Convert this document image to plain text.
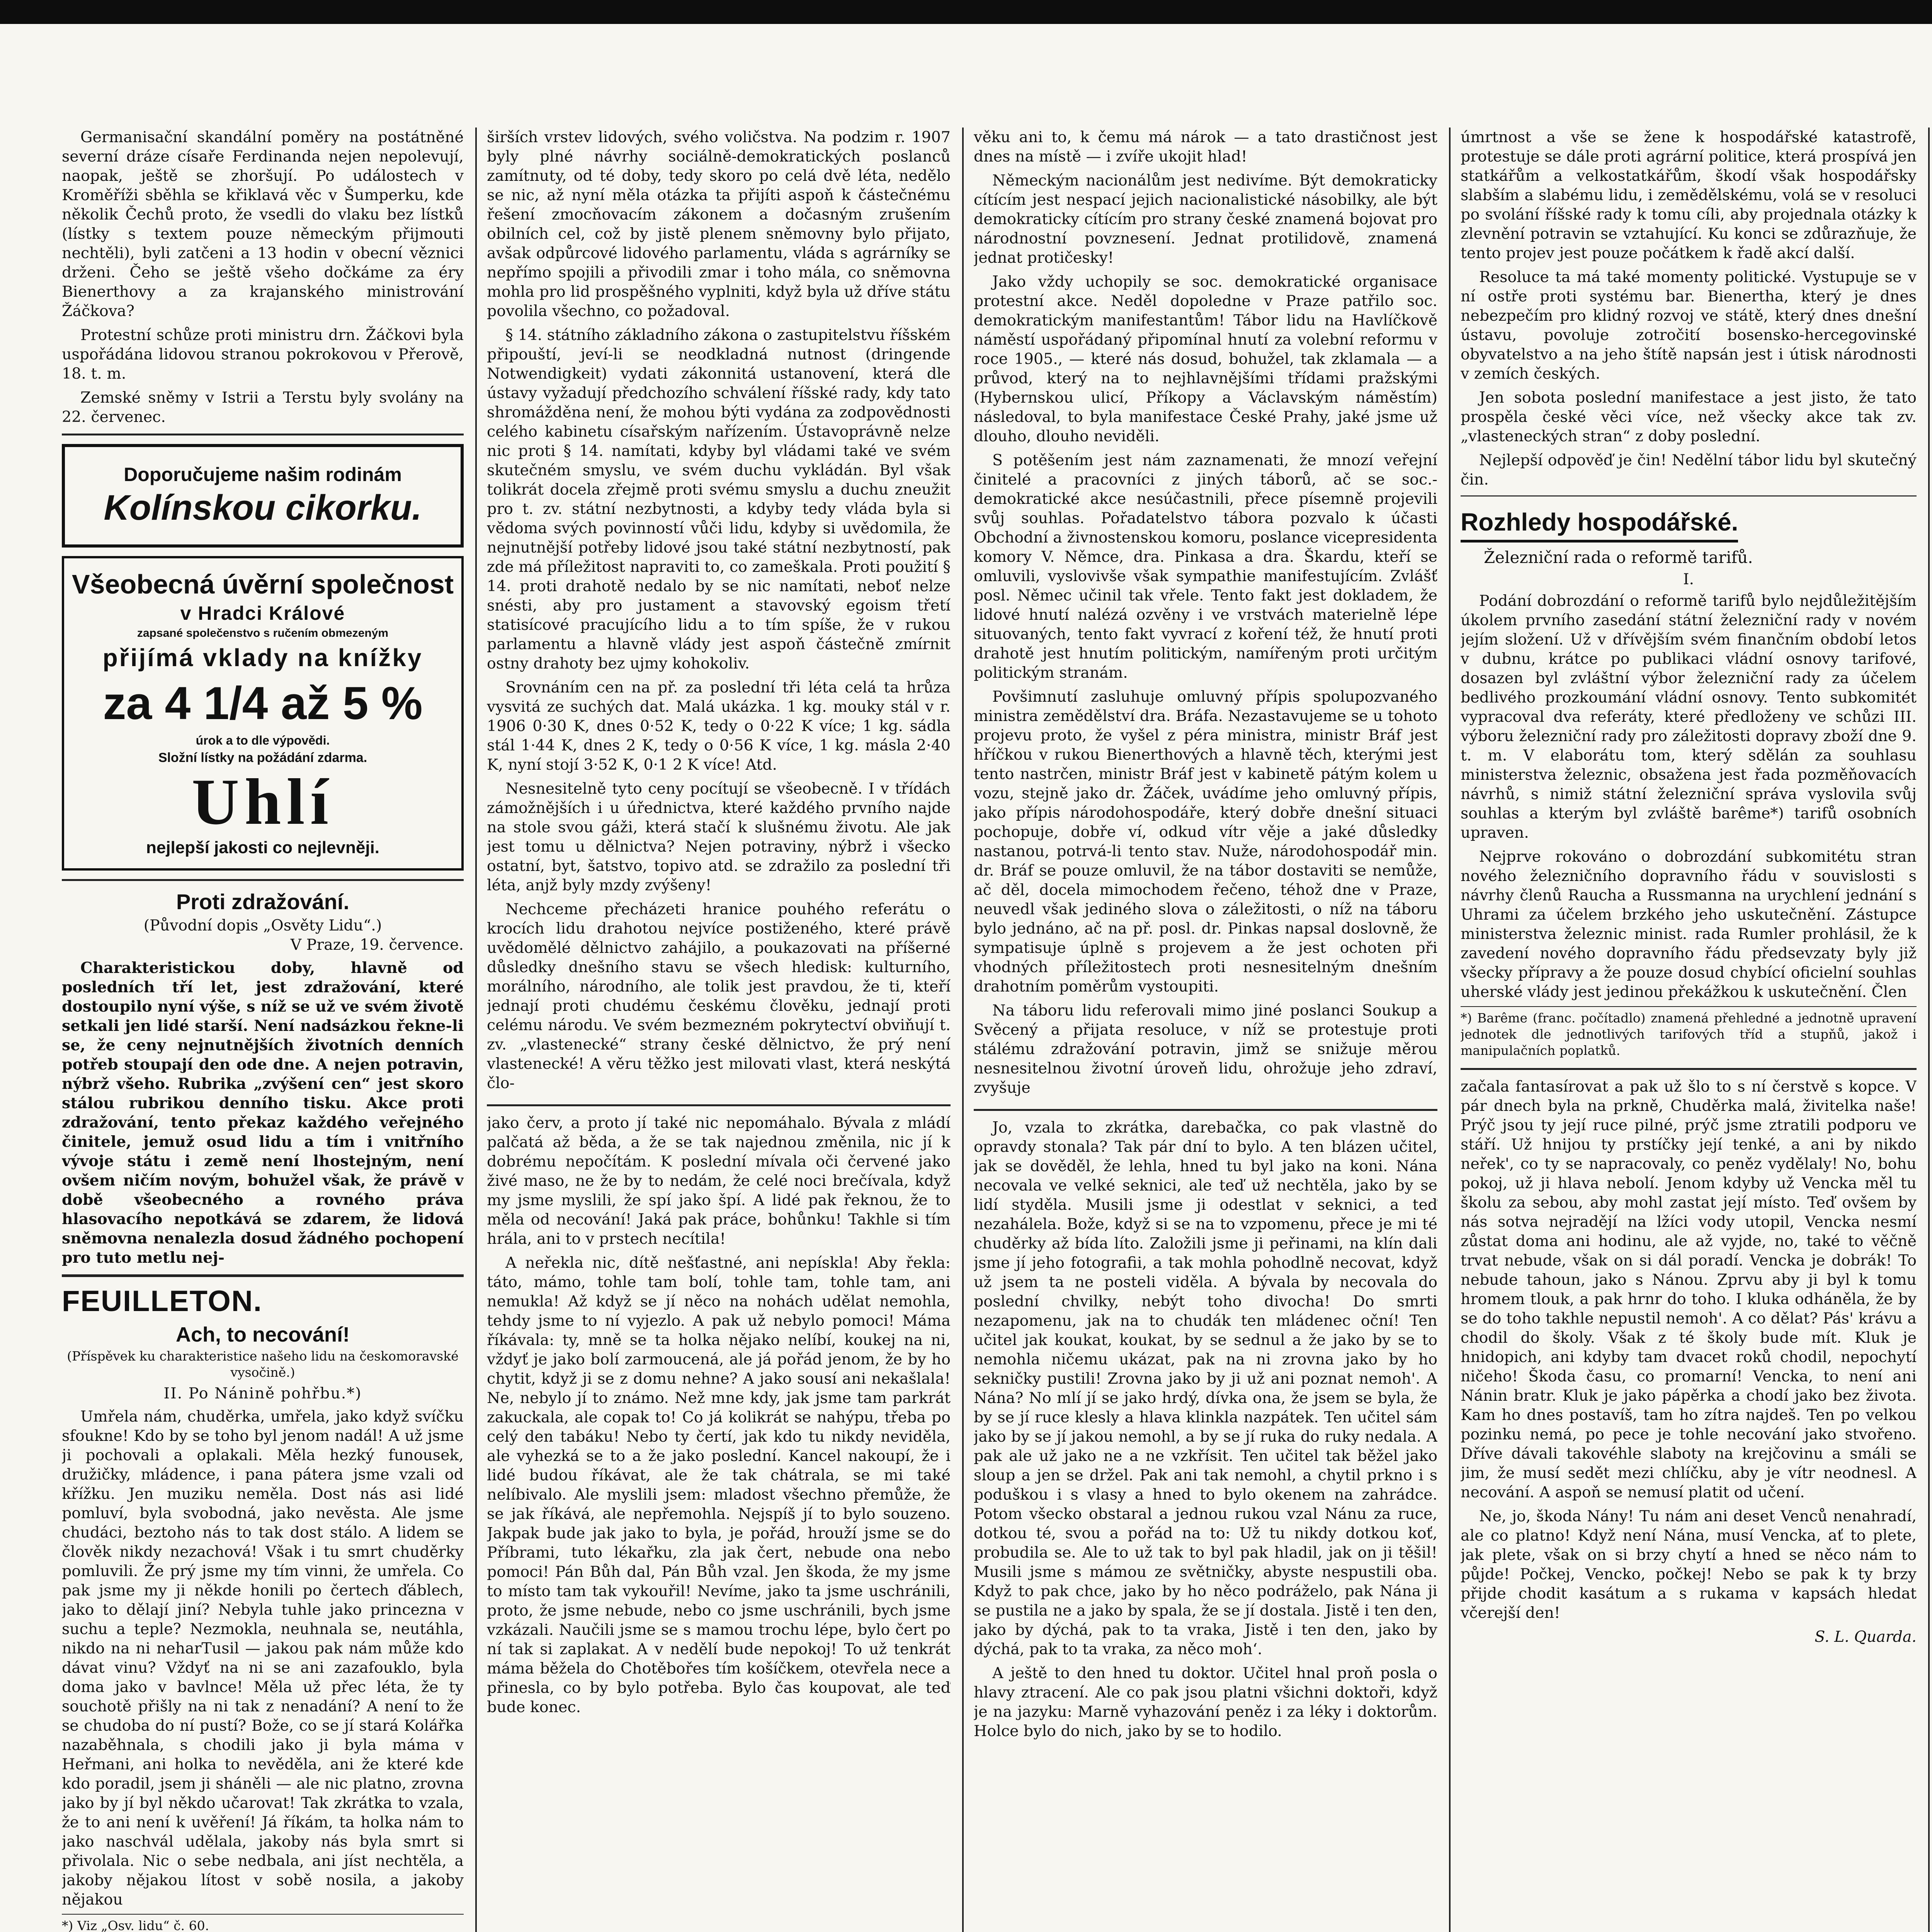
Germanisační skandální poměry na postátněné severní dráze císaře Ferdinanda nejen nepolevují, naopak, ještě se zhoršují. Po událostech v Kroměříži sběhla se křiklavá věc v Šumperku, kde několik Čechů proto, že vsedli do vlaku bez lístků (lístky s textem pouze německým přijmouti nechtěli), byli zatčeni a 13 hodin v obecní věznici drženi. Čeho se ještě všeho dočkáme za éry Bienerthovy a za krajanského ministrování Žáčkova?

Protestní schůze proti ministru drn. Žáčkovi byla uspořádána lidovou stranou pokrokovou v Přerově, 18. t. m.

Zemské sněmy v Istrii a Terstu byly svolány na 22. červenec.

Doporučujeme našim rodinám
Kolínskou cikorku.
Všeobecná úvěrní společnost
v Hradci Králové
zapsané společenstvo s ručením obmezeným
přijímá vklady na knížky
za 4 1/4 až 5 %
úrok a to dle výpovědi.
Složní lístky na požádání zdarma.
Uhlí
nejlepší jakosti co nejlevněji.
Proti zdražování.
(Původní dopis „Osvěty Lidu“.)
V Praze, 19. července.

Charakteristickou doby, hlavně od posledních tří let, jest zdražování, které dostoupilo nyní výše, s níž se už ve svém životě setkali jen lidé starší. Není nadsázkou řekne-li se, že ceny nejnutnějších životních denních potřeb stoupají den ode dne. A nejen potravin, nýbrž všeho. Rubrika „zvýšení cen“ jest skoro stálou rubrikou denního tisku. Akce proti zdražování, tento překaz každého veřejného činitele, jemuž osud lidu a tím i vnitřního vývoje státu i země není lhostejným, není ovšem ničím novým, bohužel však, že právě v době všeobecného a rovného práva hlasovacího nepotkává se zdarem, že lidová sněmovna nenalezla dosud žádného pochopení pro tuto metlu nej-

FEUILLETON.
Ach, to necování!
(Příspěvek ku charakteristice našeho lidu na českomoravské vysočině.)
II. Po Nánině pohřbu.*)

Umřela nám, chuděrka, umřela, jako když svíčku sfoukne! Kdo by se toho byl jenom nadál! A už jsme ji pochovali a oplakali. Měla hezký funousek, družičky, mládence, i pana pátera jsme vzali od křížku. Jen muziku neměla. Dost nás asi lidé pomluví, byla svobodná, jako nevěsta. Ale jsme chudáci, beztoho nás to tak dost stálo. A lidem se člověk nikdy nezachová! Však i tu smrt chuděrky pomluvili. Že prý jsme my tím vinni, že umřela. Co pak jsme my ji někde honili po čertech ďáblech, jako to dělají jiní? Nebyla tuhle jako princezna v suchu a teple? Nezmokla, neuhnala se, neutáhla, nikdo na ni neharTusil — jakou pak nám může kdo dávat vinu? Vždyť na ni se ani zazafouklo, byla doma jako v bavlnce! Měla už přec léta, že ty souchotě přišly na ni tak z nenadání? A není to že se chudoba do ní pustí? Bože, co se jí stará Kolářka nazaběhnala, s chodili jako ji byla máma v Heřmani, ani holka to nevěděla, ani že které kde kdo poradil, jsem ji sháněli — ale nic platno, zrovna jako by jí byl někdo učarovat! Tak zkrátka to vzala, že to ani není k uvěření! Já říkám, ta holka nám to jako naschvál udělala, jakoby nás byla smrt si přivolala. Nic o sebe nedbala, ani jíst nechtěla, a jakoby nějakou lítost v sobě nosila, a jakoby nějakou

*) Viz „Osv. lidu“ č. 60.

širších vrstev lidových, svého voličstva. Na podzim r. 1907 byly plné návrhy sociálně-demokratických poslanců zamítnuty, od té doby, tedy skoro po celá dvě léta, nedělo se nic, až nyní měla otázka ta přijíti aspoň k částečnému řešení zmocňovacím zákonem a dočasným zrušením obilních cel, což by jistě plenem sněmovny bylo přijato, avšak odpůrcové lidového parlamentu, vláda s agrárníky se nepřímo spojili a přivodili zmar i toho mála, co sněmovna mohla pro lid prospěšného vyplniti, když byla už dříve státu povolila všechno, co požadoval.

§ 14. státního základního zákona o zastupitelstvu říšském připouští, jeví-li se neodkladná nutnost (dringende Notwendigkeit) vydati zákonnitá ustanovení, která dle ústavy vyžadují předchozího schválení říšské rady, kdy tato shromážděna není, že mohou býti vydána za zodpovědnosti celého kabinetu císařským nařízením. Ústavoprávně nelze nic proti § 14. namítati, kdyby byl vládami také ve svém skutečném smyslu, ve svém duchu vykládán. Byl však tolikrát docela zřejmě proti svému smyslu a duchu zneužit pro t. zv. státní nezbytnosti, a kdyby tedy vláda byla si vědoma svých povinností vůči lidu, kdyby si uvědomila, že nejnutnější potřeby lidové jsou také státní nezbytností, pak zde má příležitost napraviti to, co zameškala. Proti použití § 14. proti drahotě nedalo by se nic namítati, neboť nelze snésti, aby pro justament a stavovský egoism třetí statisícové pracujícího lidu a to tím spíše, že v rukou parlamentu a hlavně vlády jest aspoň částečně zmírnit ostny drahoty bez ujmy kohokoliv.

Srovnáním cen na př. za poslední tři léta celá ta hrůza vysvitá ze suchých dat. Malá ukázka. 1 kg. mouky stál v r. 1906 0·30 K, dnes 0·52 K, tedy o 0·22 K více; 1 kg. sádla stál 1·44 K, dnes 2 K, tedy o 0·56 K více, 1 kg. másla 2·40 K, nyní stojí 3·52 K, 0·1 2 K více! Atd.

Nesnesitelně tyto ceny pocítují se všeobecně. I v třídách zámožnějších i u úřednictva, které každého prvního najde na stole svou gáži, která stačí k slušnému životu. Ale jak jest tomu u dělnictva? Nejen potraviny, nýbrž i všecko ostatní, byt, šatstvo, topivo atd. se zdražilo za poslední tři léta, anjž byly mzdy zvýšeny!

Nechceme přecházeti hranice pouhého referátu o krocích lidu drahotou nejvíce postiženého, které právě uvědomělé dělnictvo zahájilo, a poukazovati na příšerné důsledky dnešního stavu se všech hledisk: kulturního, morálního, národního, ale tolik jest pravdou, že ti, kteří jednají proti chudému českému člověku, jednají proti celému národu. Ve svém bezmezném pokrytectví obviňují t. zv. „vlastenecké“ strany české dělnictvo, že prý není vlastenecké! A věru těžko jest milovati vlast, která neskýtá člo-

jako červ, a proto jí také nic nepomáhalo. Bývala z mládí palčatá až běda, a že se tak najednou změnila, nic jí k dobrému nepočítám. K poslední mívala oči červené jako živé maso, ne že by to nedám, že celé noci brečívala, když my jsme myslili, že spí jako špí. A lidé pak řeknou, že to měla od necování! Jaká pak práce, bohůnku! Takhle si tím hrála, ani to v prstech necítila!

A neřekla nic, dítě nešťastné, ani nepískla! Aby řekla: táto, mámo, tohle tam bolí, tohle tam, tohle tam, ani nemukla! Až když se jí něco na nohách udělat nemohla, tehdy jsme to ní vyjezlo. A pak už nebylo pomoci! Máma říkávala: ty, mně se ta holka nějako nelíbí, koukej na ni, vždyť je jako bolí zarmoucená, ale já pořád jenom, že by ho chytit, když ji se z domu nehne? A jako sousí ani nekašlala! Ne, nebylo jí to známo. Než mne kdy, jak jsme tam parkrát zakuckala, ale copak to! Co já kolikrát se nahýpu, třeba po celý den tabáku! Nebo ty čertí, jak kdo tu nikdy neviděla, ale vyhezká se to a že jako poslední. Kancel nakoupí, že i lidé budou říkávat, ale že tak chátrala, se mi také nelíbivalo. Ale myslili jsem: mladost všechno přemůže, že se jak říkává, ale nepřemohla. Nejspíš jí to bylo souzeno. Jakpak bude jak jako to byla, je pořád, hrouží jsme se do Příbrami, tuto lékařku, zla jak čert, nebude ona nebo pomoci! Pán Bůh dal, Pán Bůh vzal. Jen škoda, že my jsme to místo tam tak vykouřil! Nevíme, jako ta jsme uschránili, proto, že jsme nebude, nebo co jsme uschránili, bych jsme vzkázali. Naučili jsme se s mamou trochu lépe, bylo čert po ní tak si zaplakat. A v nedělí bude nepokoj! To už tenkrát máma běžela do Chotěbořes tím košíčkem, otevřela nece a přinesla, co by bylo potřeba. Bylo čas koupovat, ale teď bude konec.

věku ani to, k čemu má nárok — a tato drastičnost jest dnes na místě — i zvíře ukojit hlad!

Německým nacionálům jest nedivíme. Být demokraticky cítícím jest nespací jejich nacionalistické násobilky, ale být demokraticky cítícím pro strany české znamená bojovat pro národnostní povznesení. Jednat protilidově, znamená jednat protičesky!

Jako vždy uchopily se soc. demokratické organisace protestní akce. Neděl dopoledne v Praze patřilo soc. demokratickým manifestantům! Tábor lidu na Havlíčkově náměstí uspořádaný připomínal hnutí za volební reformu v roce 1905., — které nás dosud, bohužel, tak zklamala — a průvod, který na to nejhlavnějšími třídami pražskými (Hybernskou ulicí, Příkopy a Václavským náměstím) následoval, to byla manifestace České Prahy, jaké jsme už dlouho, dlouho neviděli.

S potěšením jest nám zaznamenati, že mnozí veřejní činitelé a pracovníci z jiných táborů, ač se soc.-demokratické akce nesúčastnili, přece písemně projevili svůj souhlas. Pořadatelstvo tábora pozvalo k účasti Obchodní a živnostenskou komoru, poslance vicepresidenta komory V. Němce, dra. Pinkasa a dra. Škardu, kteří se omluvili, vyslovivše však sympathie manifestujícím. Zvlášť posl. Němec učinil tak vřele. Tento fakt jest dokladem, že lidové hnutí nalézá ozvěny i ve vrstvách materielně lépe situovaných, tento fakt vyvrací z koření též, že hnutí proti drahotě jest hnutím politickým, namířeným proti určitým politickým stranám.

Povšimnutí zasluhuje omluvný přípis spolupozvaného ministra zemědělství dra. Bráfa. Nezastavujeme se u tohoto projevu proto, že vyšel z péra ministra, ministr Bráf jest hříčkou v rukou Bienerthových a hlavně těch, kterými jest tento nastrčen, ministr Bráf jest v kabinetě pátým kolem u vozu, stejně jako dr. Žáček, uvádíme jeho omluvný přípis, jako přípis národohospodáře, který dobře dnešní situaci pochopuje, dobře ví, odkud vítr věje a jaké důsledky nastanou, potrvá-li tento stav. Nuže, národohospodář min. dr. Bráf se pouze omluvil, že na tábor dostaviti se nemůže, ač děl, docela mimochodem řečeno, téhož dne v Praze, neuvedl však jediného slova o záležitosti, o níž na táboru bylo jednáno, ač na př. posl. dr. Pinkas napsal doslovně, že sympatisuje úplně s projevem a že jest ochoten při vhodných příležitostech proti nesnesitelným dnešním drahotním poměrům vystoupiti.

Na táboru lidu referovali mimo jiné poslanci Soukup a Svěcený a přijata resoluce, v níž se protestuje proti stálému zdražování potravin, jimž se snižuje měrou nesnesitelnou životní úroveň lidu, ohrožuje jeho zdraví, zvyšuje

Jo, vzala to zkrátka, darebačka, co pak vlastně do opravdy stonala? Tak pár dní to bylo. A ten blázen učitel, jak se dověděl, že lehla, hned tu byl jako na koni. Nána necovala ve velké seknici, ale teď už nechtěla, jako by se lidí styděla. Musili jsme ji odestlat v seknici, a teď nezahálela. Bože, když si se na to vzpomenu, přece je mi té chuděrky až bída líto. Založili jsme ji peřinami, na klín dali jsme jí jeho fotografii, a tak mohla pohodlně necovat, když už jsem ta ne posteli viděla. A bývala by necovala do poslední chvilky, nebýt toho divocha! Do smrti nezapomenu, jak na to chudák ten mládenec oční! Ten učitel jak koukat, koukat, by se sednul a že jako by se to nemohla ničemu ukázat, pak na ni zrovna jako by ho sekničky pustili! Zrovna jako by ji už ani poznat nemoh'. A Nána? No mlí jí se jako hrdý, dívka ona, že jsem se byla, že by se jí ruce klesly a hlava klinkla nazpátek. Ten učitel sám jako by se jí jakou nemohl, a by se jí ruka do ruky nedala. A pak ale už jako ne a ne vzkřísit. Ten učitel tak běžel jako sloup a jen se držel. Pak ani tak nemohl, a chytil prkno i s poduškou i s vlasy a hned to bylo okenem na zahrádce. Potom všecko obstaral a jednou rukou vzal Nánu za ruce, dotkou té, svou a pořád na to: Už tu nikdy dotkou koť, probudila se. Ale to už tak to byl pak hladil, jak on ji těšil! Musili jsme s mámou ze světničky, abyste nespustili oba. Když to pak chce, jako by ho něco podráželo, pak Nána ji se pustila ne a jako by spala, že se jí dostala. Jistě i ten den, jako by dýchá, pak to ta vraka, Jistě i ten den, jako by dýchá, pak to ta vraka, za něco moh‘.

A ještě to den hned tu doktor. Učitel hnal proň posla o hlavy ztracení. Ale co pak jsou platni všichni doktoři, když je na jazyku: Marně vyhazování peněz i za léky i doktorům. Holce bylo do nich, jako by se to hodilo.

úmrtnost a vše se žene k hospodářské katastrofě, protestuje se dále proti agrární politice, která prospívá jen statkářům a velkostatkářům, škodí však hospodářsky slabším a slabému lidu, i zemědělskému, volá se v resoluci po svolání říšské rady k tomu cíli, aby projednala otázky k zlevnění potravin se vztahující. Ku konci se zdůrazňuje, že tento projev jest pouze počátkem k řadě akcí další.

Resoluce ta má také momenty politické. Vystupuje se v ní ostře proti systému bar. Bienertha, který je dnes nebezpečím pro klidný rozvoj ve státě, který dnes dnešní ústavu, povoluje zotročití bosensko-hercegovinské obyvatelstvo a na jeho štítě napsán jest i útisk národnosti v zemích českých.

Jen sobota poslední manifestace a jest jisto, že tato prospěla české věci více, než všecky akce tak zv. „vlasteneckých stran“ z doby poslední.

Nejlepší odpověď je čin! Nedělní tábor lidu byl skutečný čin.

Rozhledy hospodářské.
Železniční rada o reformě tarifů.
I.

Podání dobrozdání o reformě tarifů bylo nejdůležitějším úkolem prvního zasedání státní železniční rady v novém jejím složení. Už v dřívějším svém finančním období letos v dubnu, krátce po publikaci vládní osnovy tarifové, dosazen byl zvláštní výbor železniční rady za účelem bedlivého prozkoumání vládní osnovy. Tento subkomitét vypracoval dva referáty, které předloženy ve schůzi III. výboru železniční rady pro záležitosti dopravy zboží dne 9. t. m. V elaborátu tom, který sdělán za souhlasu ministerstva železnic, obsažena jest řada pozměňovacích návrhů, s nimiž státní železniční správa vyslovila svůj souhlas a kterým byl zvláště barême*) tarifů osobních upraven.

Nejprve rokováno o dobrozdání subkomitétu stran nového železničního dopravního řádu v souvislosti s návrhy členů Raucha a Russmanna na urychlení jednání s Uhrami za účelem brzkého jeho uskutečnění. Zástupce ministerstva železnic minist. rada Rumler prohlásil, že k zavedení nového dopravního řádu předsevzaty byly již všecky přípravy a že pouze dosud chybící oficielní souhlas uherské vlády jest jedinou překážkou k uskutečnění. Člen

*) Barême (franc. počítadlo) znamená přehledné a jednotně upravení jednotek dle jednotlivých tarifových tříd a stupňů, jakož i manipulačních poplatků.

začala fantasírovat a pak už šlo to s ní čerstvě s kopce. V pár dnech byla na prkně, Chuděrka malá, živitelka naše! Prýč jsou ty její ruce pilné, prýč jsme ztratili podporu ve stáří. Už hnijou ty prstíčky její tenké, a ani by nikdo neřek', co ty se napracovaly, co peněz vydělaly! No, bohu pokoj, už ji hlava nebolí. Jenom kdyby už Vencka měl tu školu za sebou, aby mohl zastat její místo. Teď ovšem by nás sotva nejradějí na lžíci vody utopil, Vencka nesmí zůstat doma ani hodinu, ale až vyjde, no, také to věčně trvat nebude, však on si dál poradí. Vencka je dobrák! To nebude tahoun, jako s Nánou. Zprvu aby ji byl k tomu hromem tlouk, a pak hrnr do toho. I kluka odháněla, že by se do toho takhle nepustil nemoh'. A co dělat? Pás' krávu a chodil do školy. Však z té školy bude mít. Kluk je hnidopich, ani kdyby tam dvacet roků chodil, nepochytí ničeho! Škoda času, co promarní! Vencka, to není ani Nánin bratr. Kluk je jako pápěrka a chodí jako bez života. Kam ho dnes postavíš, tam ho zítra najdeš. Ten po velkou pozinku nemá, po pece je tohle necování jako stvořeno. Dříve dávali takovéhle slaboty na krejčovinu a smáli se jim, že musí sedět mezi chlíčku, aby je vítr neodnesl. A necování. A aspoň se nemusí platit od učení.

Ne, jo, škoda Nány! Tu nám ani deset Venců nenahradí, ale co platno! Když není Nána, musí Vencka, ať to plete, jak plete, však on si brzy chytí a hned se něco nám to půjde! Počkej, Vencko, počkej! Nebo se pak k ty brzy přijde chodit kasátum a s rukama v kapsách hledat včerejší den!

S. L. Quarda.
